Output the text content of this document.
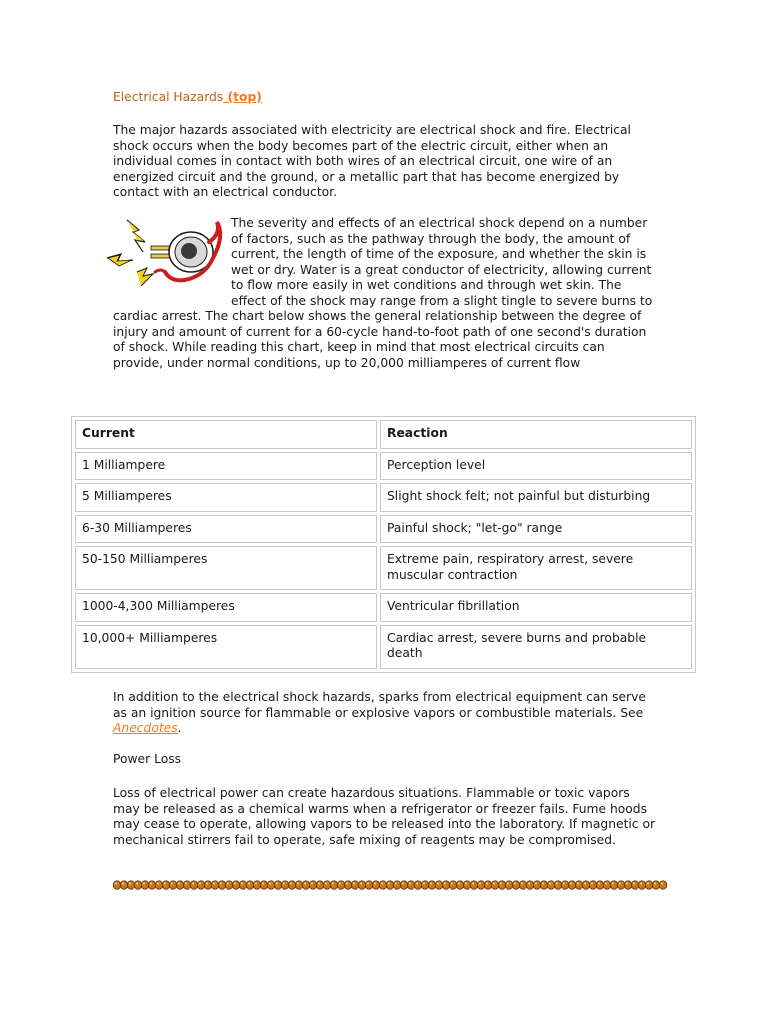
Electrical Hazards (top)
The major hazards associated with electricity are electrical shock and fire. Electrical shock occurs when the body becomes part of the electric circuit, either when an individual comes in contact with both wires of an electrical circuit, one wire of an energized circuit and the ground, or a metallic part that has become energized by contact with an electrical conductor.

The severity and effects of an electrical shock depend on a number of factors, such as the pathway through the body, the amount of current, the length of time of the exposure, and whether the skin is wet or dry. Water is a great conductor of electricity, allowing current to flow more easily in wet conditions and through wet skin. The effect of the shock may range from a slight tingle to severe burns to cardiac arrest. The chart below shows the general relationship between the degree of injury and amount of current for a 60-cycle hand-to-foot path of one second's duration of shock. While reading this chart, keep in mind that most electrical circuits can provide, under normal conditions, up to 20,000 milliamperes of current flow

Current	Reaction
1 Milliampere	Perception level
5 Milliamperes	Slight shock felt; not painful but disturbing
6-30 Milliamperes	Painful shock; "let-go" range
50-150 Milliamperes	Extreme pain, respiratory arrest, severe muscular contraction
1000-4,300 Milliamperes	Ventricular fibrillation
10,000+ Milliamperes	Cardiac arrest, severe burns and probable death
In addition to the electrical shock hazards, sparks from electrical equipment can serve as an ignition source for flammable or explosive vapors or combustible materials. See Anecdotes.
Power Loss
Loss of electrical power can create hazardous situations. Flammable or toxic vapors may be released as a chemical warms when a refrigerator or freezer fails. Fume hoods may cease to operate, allowing vapors to be released into the laboratory. If magnetic or mechanical stirrers fail to operate, safe mixing of reagents may be compromised.
